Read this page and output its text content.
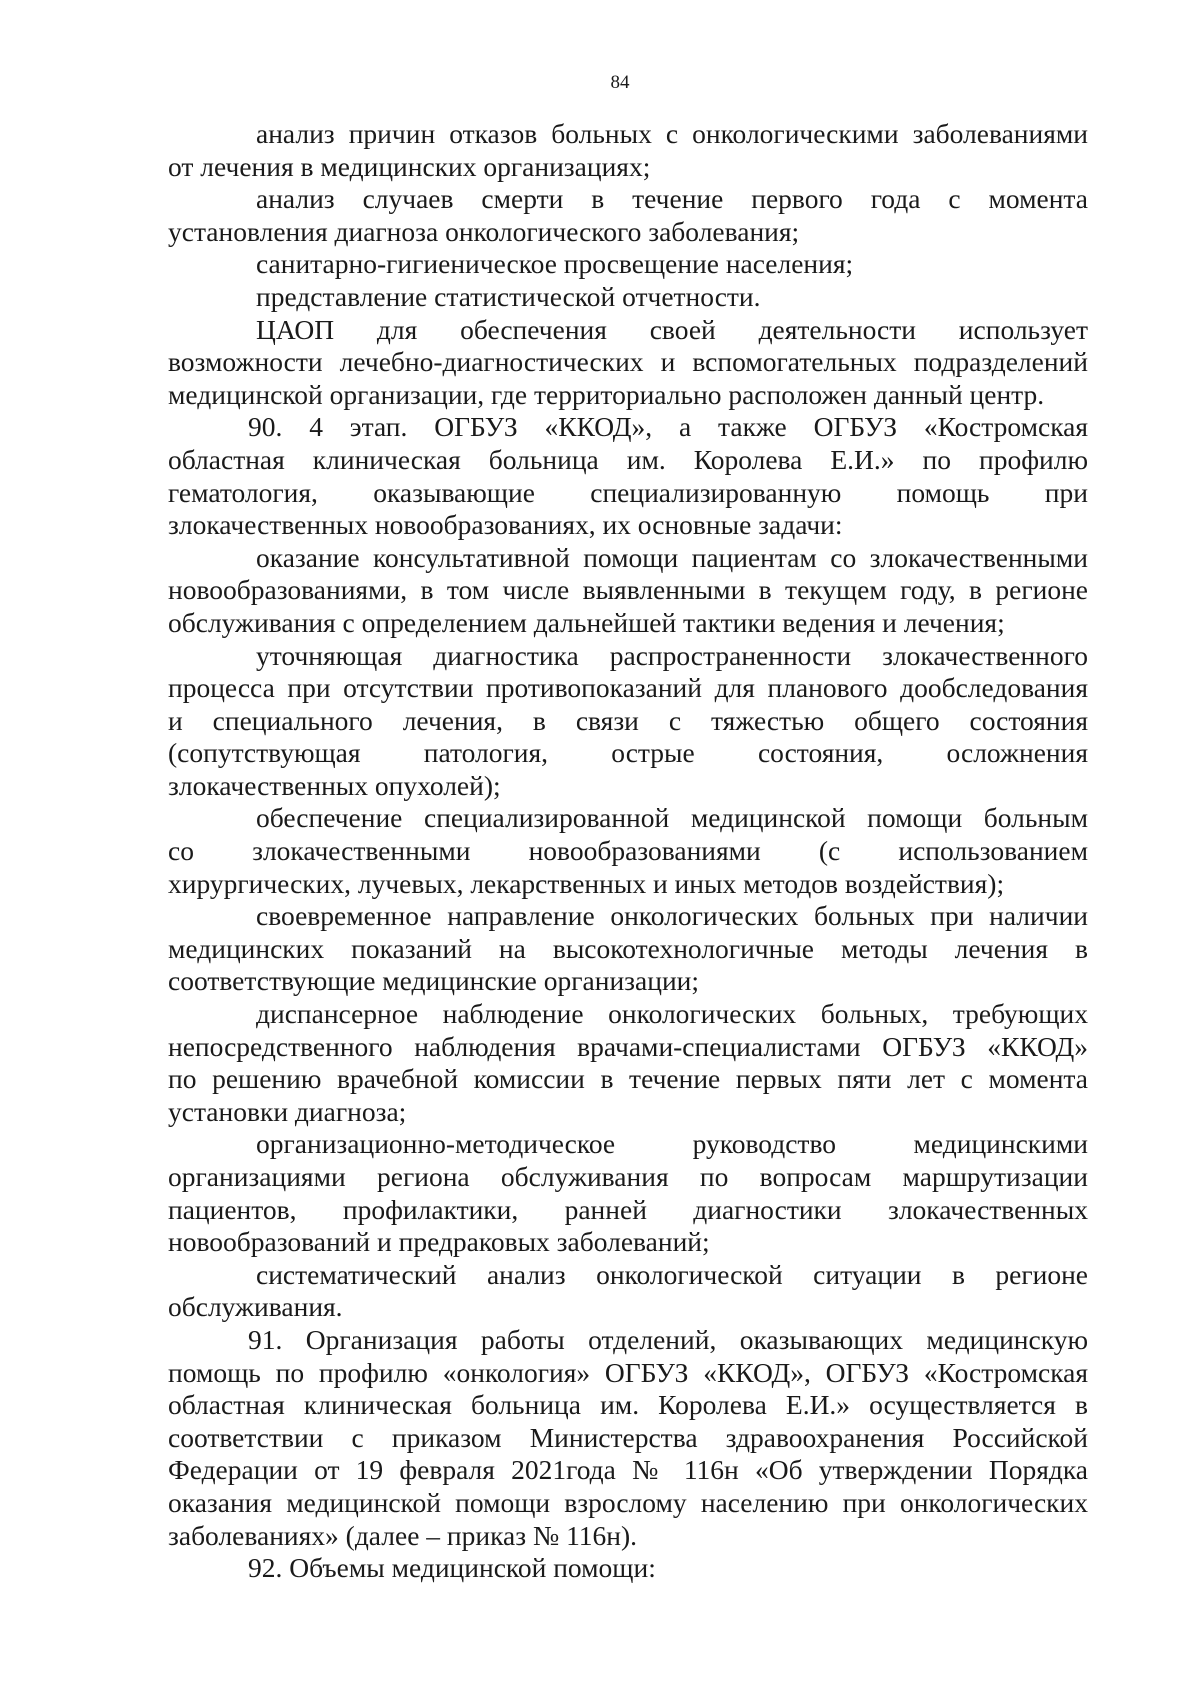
84

анализ причин отказов больных с онкологическими заболеваниями
от лечения в медицинских организациях;

анализ случаев смерти в течение первого года с момента
установления диагноза онкологического заболевания;

санитарно-гигиеническое просвещение населения;

представление статистической отчетности.

ЦАОП для обеспечения своей деятельности использует
возможности лечебно-диагностических и вспомогательных подразделений
медицинской организации, где территориально расположен данный центр.

90. 4 этап. ОГБУЗ «ККОД», а также ОГБУЗ «Костромская
областная клиническая больница им. Королева Е.И.» по профилю
гематология, оказывающие специализированную помощь при
злокачественных новообразованиях, их основные задачи:

оказание консультативной помощи пациентам со злокачественными
новообразованиями, в том числе выявленными в текущем году, в регионе
обслуживания с определением дальнейшей тактики ведения и лечения;

уточняющая диагностика распространенности злокачественного
процесса при отсутствии противопоказаний для планового дообследования
и специального лечения, в связи с тяжестью общего состояния
(сопутствующая патология, острые состояния, осложнения
злокачественных опухолей);

обеспечение специализированной медицинской помощи больным
со злокачественными новообразованиями (с использованием
хирургических, лучевых, лекарственных и иных методов воздействия);

своевременное направление онкологических больных при наличии
медицинских показаний на высокотехнологичные методы лечения в
соответствующие медицинские организации;

диспансерное наблюдение онкологических больных, требующих
непосредственного наблюдения врачами-специалистами ОГБУЗ «ККОД»
по решению врачебной комиссии в течение первых пяти лет с момента
установки диагноза;

организационно-методическое руководство медицинскими
организациями региона обслуживания по вопросам маршрутизации
пациентов, профилактики, ранней диагностики злокачественных
новообразований и предраковых заболеваний;

систематический анализ онкологической ситуации в регионе
обслуживания.

91. Организация работы отделений, оказывающих медицинскую
помощь по профилю «онкология» ОГБУЗ «ККОД», ОГБУЗ «Костромская
областная клиническая больница им. Королева Е.И.» осуществляется в
соответствии с приказом Министерства здравоохранения Российской
Федерации от 19 февраля 2021года № 116н «Об утверждении Порядка
оказания медицинской помощи взрослому населению при онкологических
заболеваниях» (далее – приказ № 116н).

92. Объемы медицинской помощи:
